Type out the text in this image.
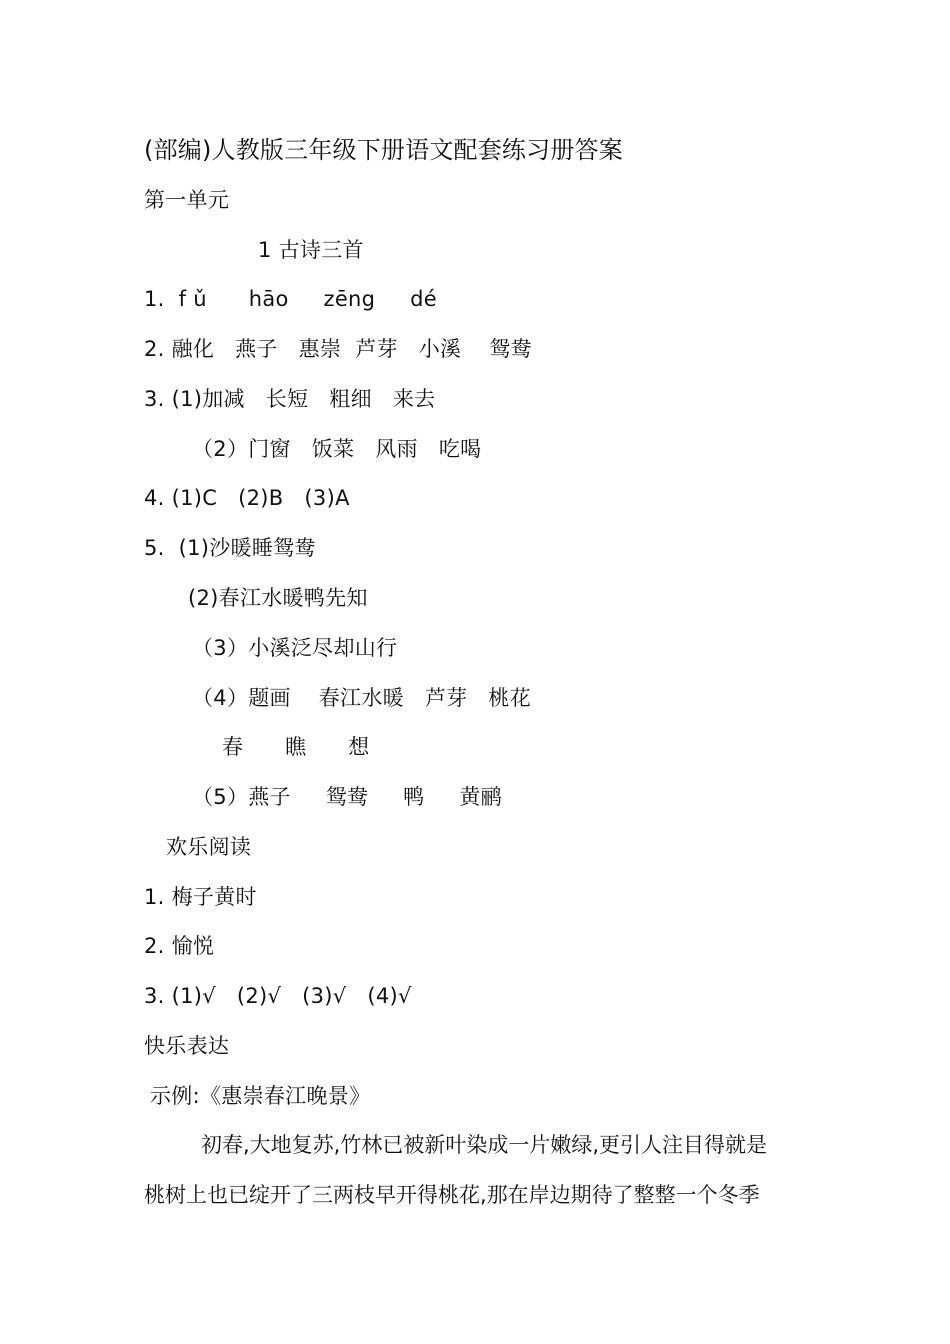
(部编)人教版三年级下册语文配套练习册答案
第一单元
1 古诗三首
1.  f ǔ      hāo     zēng     dé
2. 融化   燕子   惠崇  芦芽   小溪    鸳鸯
3. (1)加减   长短   粗细   来去
（2）门窗   饭菜   风雨   吃喝
4. (1)C   (2)B   (3)A
5.  (1)沙暖睡鸳鸯
(2)春江水暖鸭先知
（3）小溪泛尽却山行
（4）题画    春江水暖   芦芽   桃花
春      瞧      想
（5）燕子     鸳鸯     鸭     黄鹂
欢乐阅读
1. 梅子黄时
2. 愉悦
3. (1)√   (2)√   (3)√   (4)√
快乐表达
示例:《惠崇春江晚景》
初春,大地复苏,竹林已被新叶染成一片嫩绿,更引人注目得就是
桃树上也已绽开了三两枝早开得桃花,那在岸边期待了整整一个冬季
